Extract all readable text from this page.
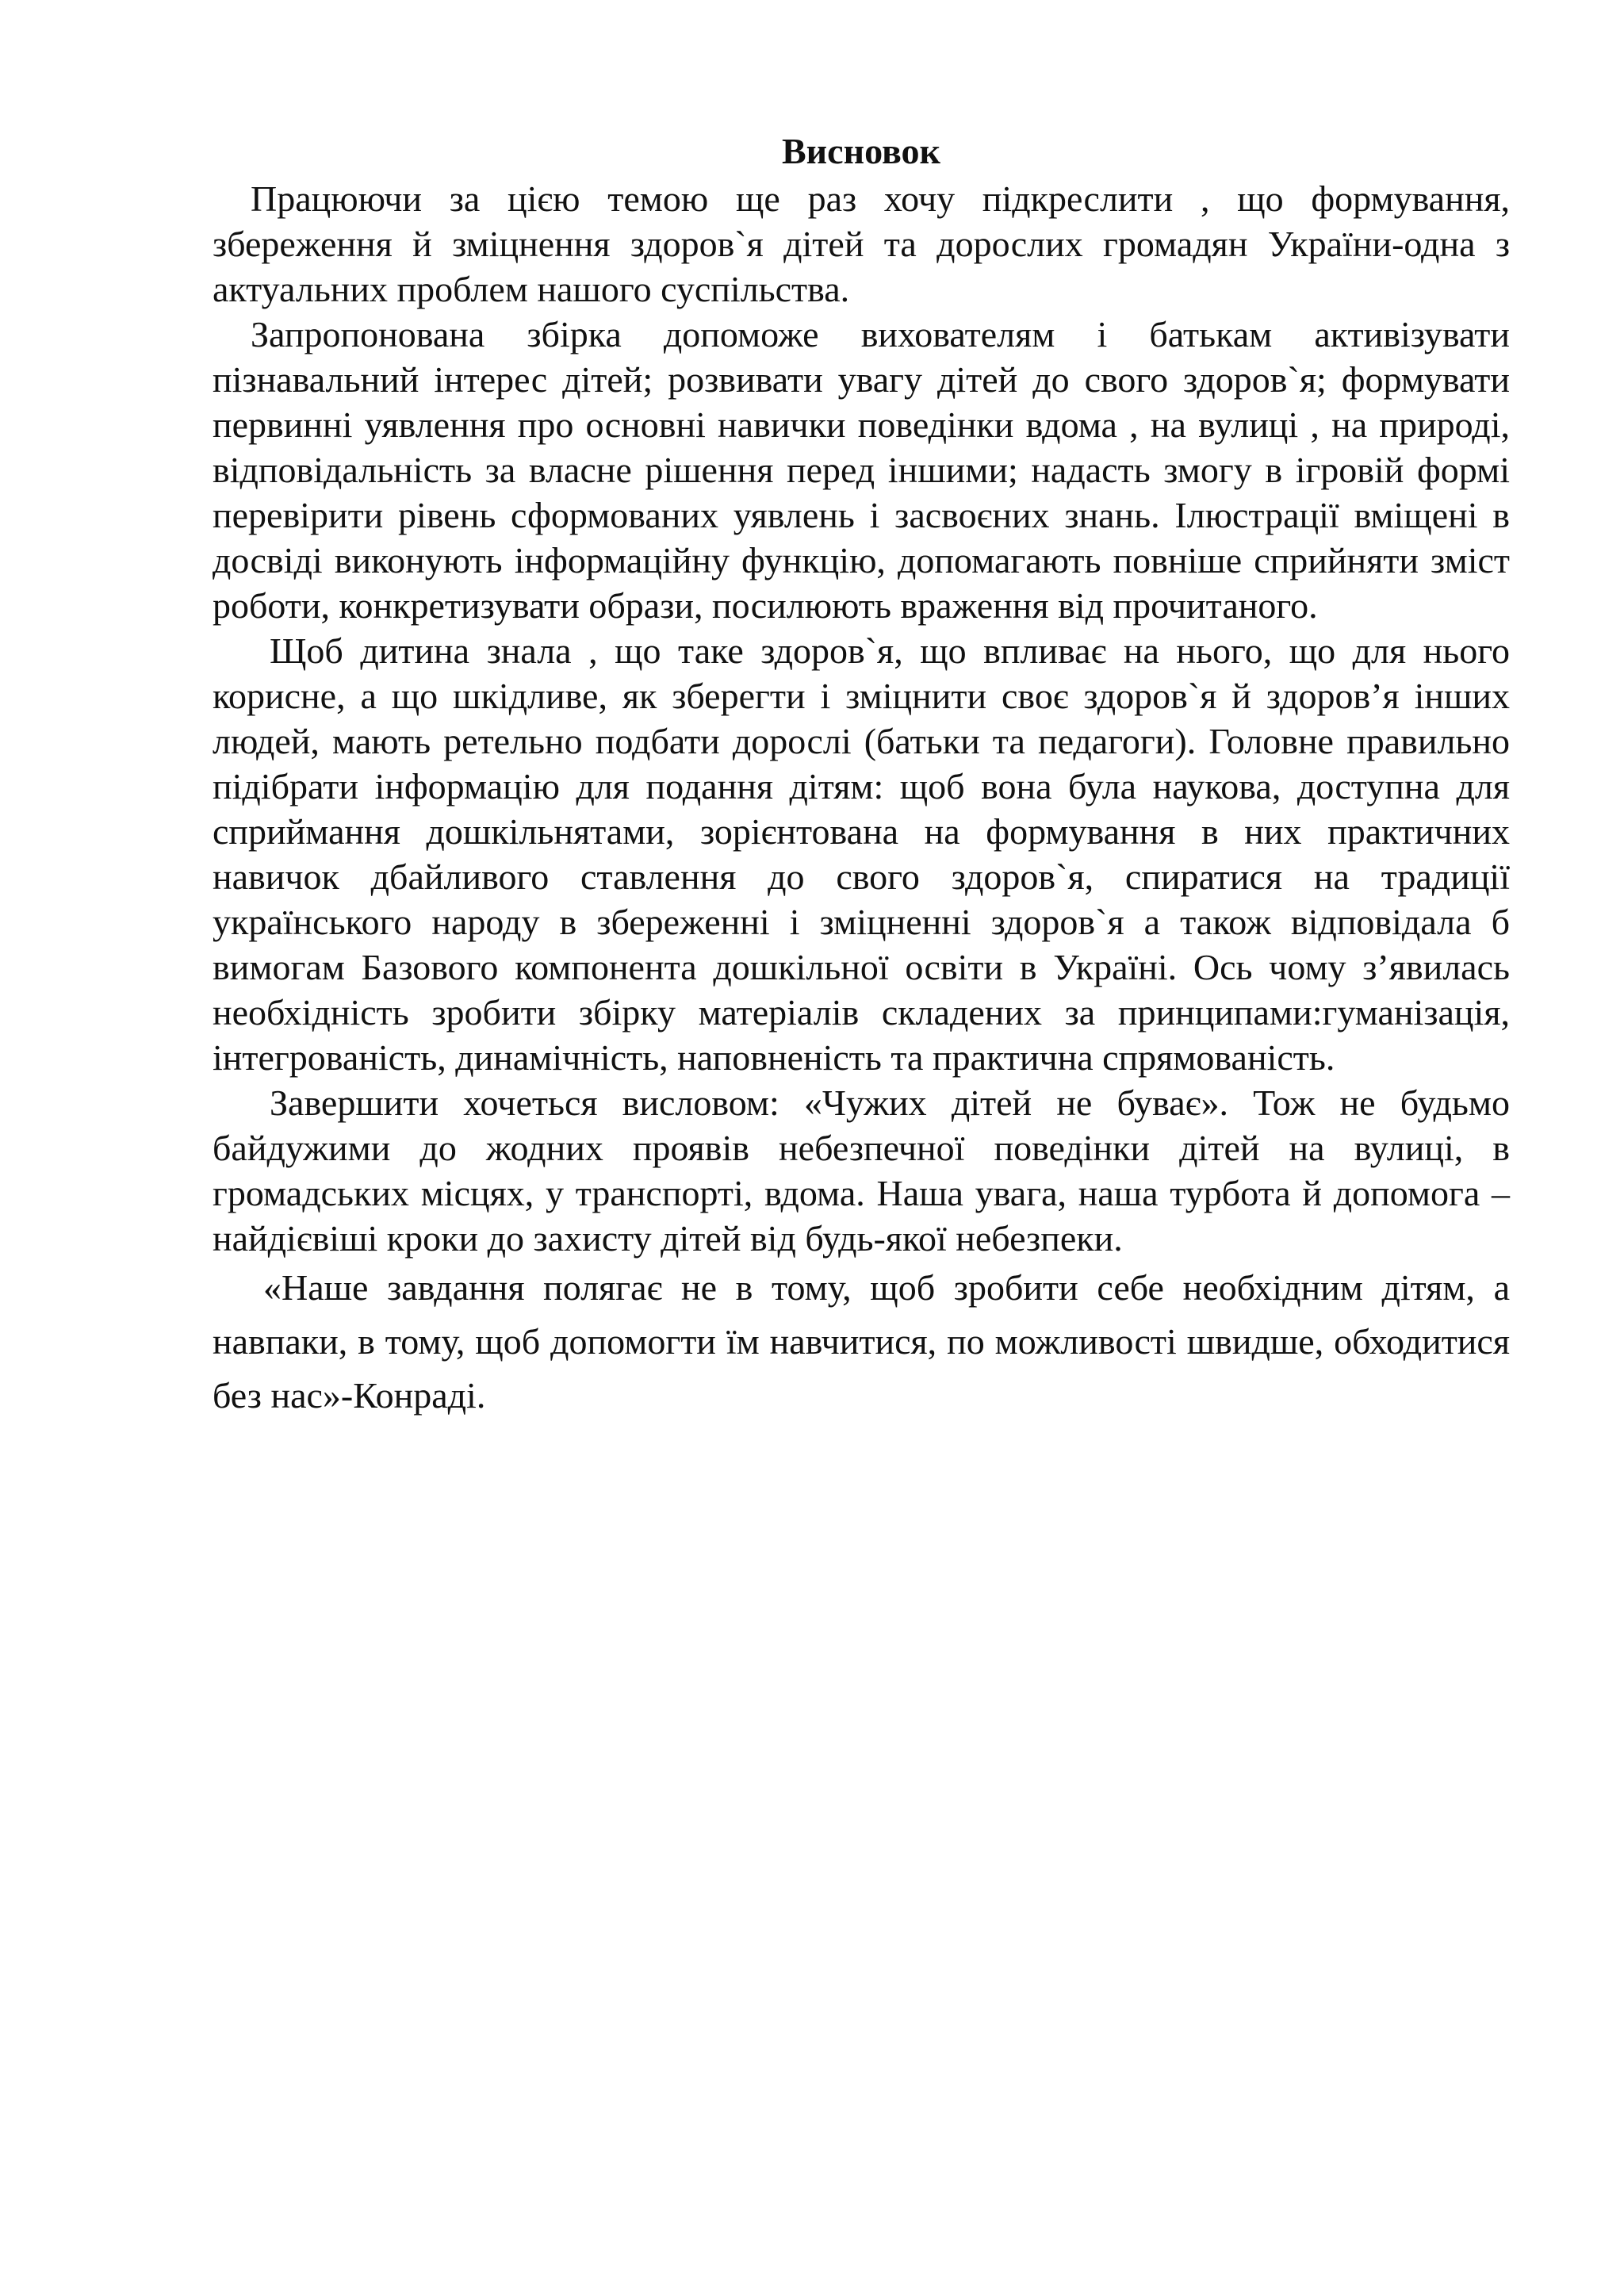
Висновок

Працюючи за цією темою ще раз хочу підкреслити , що формування, збереження й зміцнення здоров`я дітей та дорослих громадян України-одна з актуальних проблем нашого суспільства.

Запропонована збірка допоможе вихователям і батькам активізувати пізнавальний інтерес дітей; розвивати увагу дітей до свого здоров`я; формувати первинні уявлення про основні навички поведінки вдома , на вулиці , на природі, відповідальність за власне рішення перед іншими; надасть змогу в ігровій формі перевірити рівень сформованих уявлень і засвоєних знань. Ілюстрації вміщені в досвіді виконують інформаційну функцію, допомагають повніше сприйняти зміст роботи, конкретизувати образи, посилюють враження від прочитаного.

Щоб дитина знала , що таке здоров`я, що впливає на нього, що для нього корисне, а що шкідливе, як зберегти і зміцнити своє здоров`я й здоров’я інших людей, мають ретельно подбати дорослі (батьки та педагоги). Головне правильно підібрати інформацію для подання дітям: щоб вона була наукова, доступна для сприймання дошкільнятами, зорієнтована на формування в них практичних навичок дбайливого ставлення до свого здоров`я, спиратися на традиції українського народу в збереженні і зміцненні здоров`я а також відповідала б вимогам Базового компонента дошкільної освіти в Україні. Ось чому з’явилась необхідність зробити збірку матеріалів складених за принципами:гуманізація, інтегрованість, динамічність, наповненість та практична спрямованість.

Завершити хочеться висловом: «Чужих дітей не буває». Тож не будьмо байдужими до жодних проявів небезпечної поведінки дітей на вулиці, в громадських місцях, у транспорті, вдома. Наша увага, наша турбота й допомога – найдієвіші кроки до захисту дітей від будь-якої небезпеки.

«Наше завдання полягає не в тому, щоб зробити себе необхідним дітям, а навпаки, в тому, щоб допомогти їм навчитися, по можливості швидше, обходитися без нас»-Конраді.
